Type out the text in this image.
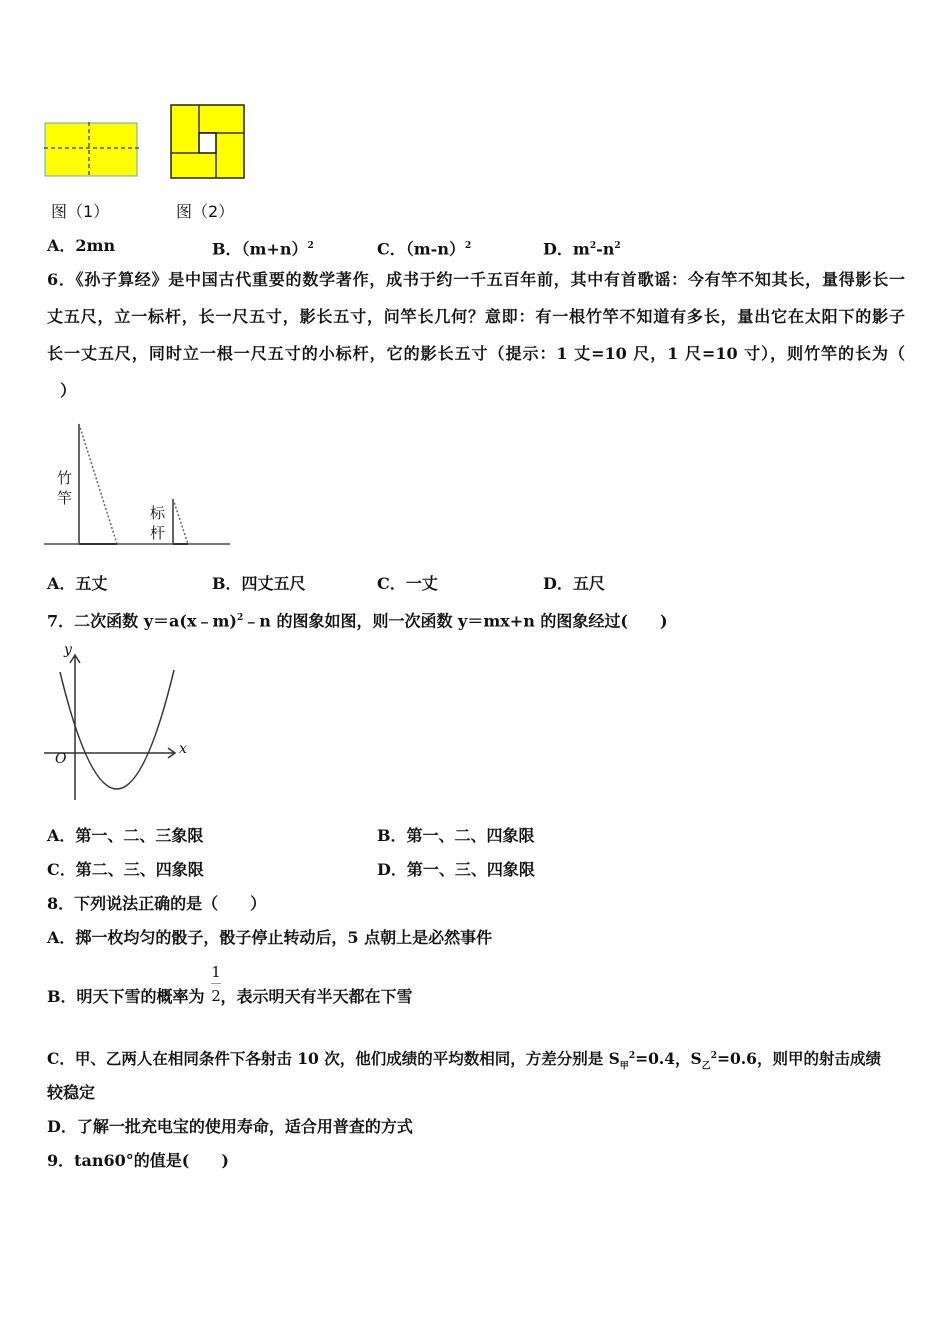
图（1）	图（2）
A．2mn	B．$(m+n)^2$	C．$(m-n)^2$	D．$m^2-n^2$
6．《孙子算经》是中国古代重要的数学著作，成书于约一千五百年前，其中有首歌谣：今有竿不知其长，量得影长一
丈五尺，立一标杆，长一尺五寸，影长五寸，问竿长几何？意即：有一根竹竿不知道有多长，量出它在太阳下的影子
长一丈五尺，同时立一根一尺五寸的小标杆，它的影长五寸（提示：1 丈=10 尺，1 尺=10 寸），则竹竿的长为（
）
竹
竿
标
杆
A．五丈	B．四丈五尺	C．一丈	D．五尺
7．二次函数 y＝a(x﹣m)$^2$﹣n 的图象如图，则一次函数 y＝mx+n 的图象经过(　　)
y
x
O
A．第一、二、三象限	B．第一、二、四象限
C．第二、三、四象限	D．第一、三、四象限
8．下列说法正确的是（　　）
A．掷一枚均匀的骰子，骰子停止转动后，5 点朝上是必然事件
B．明天下雪的概率为 ，表示明天有半天都在下雪
1
2
C．甲、乙两人在相同条件下各射击 10 次，他们成绩的平均数相同，方差分别是 $S_甲^2=0.4$，$S_乙^2=0.6$，则甲的射击成绩
较稳定
D．了解一批充电宝的使用寿命，适合用普查的方式
9．tan60°的值是(　　)
